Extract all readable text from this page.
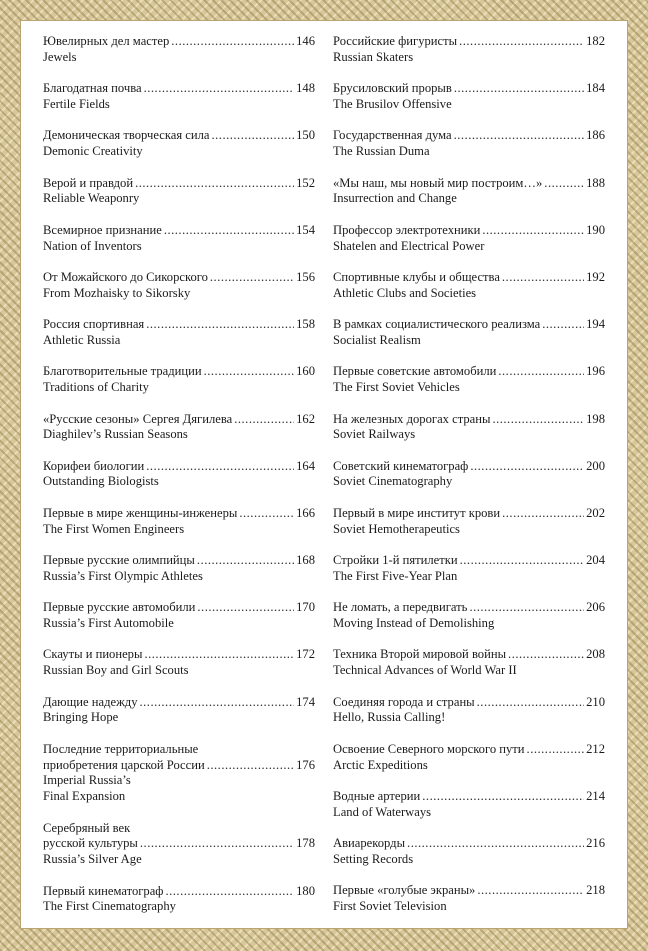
Ювелирных дел мастер .....	146
Jewels
Благодатная почва .....	148
Fertile Fields
Демоническая творческая сила .....	150
Demonic Creativity
Верой и правдой .....	152
Reliable Weaponry
Всемирное признание .....	154
Nation of Inventors
От Можайского до Сикорского .....	156
From Mozhaisky to Sikorsky
Россия спортивная .....	158
Athletic Russia
Благотворительные традиции .....	160
Traditions of Charity
«Русские сезоны» Сергея Дягилева .....	162
Diaghilev’s Russian Seasons
Корифеи биологии .....	164
Outstanding Biologists
Первые в мире женщины-инженеры .....	166
The First Women Engineers
Первые русские олимпийцы .....	168
Russia’s First Olympic Athletes
Первые русские автомобили .....	170
Russia’s First Automobile
Скауты и пионеры .....	172
Russian Boy and Girl Scouts
Дающие надежду .....	174
Bringing Hope
Последние территориальные
приобретения царской России .....	176
Imperial Russia’s
Final Expansion
Серебряный век
русской культуры .....	178
Russia’s Silver Age
Первый кинематограф .....	180
The First Cinematography
Российские фигуристы .....	182
Russian Skaters
Брусиловский прорыв .....	184
The Brusilov Offensive
Государственная дума .....	186
The Russian Duma
«Мы наш, мы новый мир построим…» .....	188
Insurrection and Change
Профессор электротехники .....	190
Shatelen and Electrical Power
Спортивные клубы и общества .....	192
Athletic Clubs and Societies
В рамках социалистического реализма .....	194
Socialist Realism
Первые советские автомобили .....	196
The First Soviet Vehicles
На железных дорогах страны .....	198
Soviet Railways
Советский кинематограф .....	200
Soviet Cinematography
Первый в мире институт крови .....	202
Soviet Hemotherapeutics
Стройки 1-й пятилетки .....	204
The First Five-Year Plan
Не ломать, а передвигать .....	206
Moving Instead of Demolishing
Техника Второй мировой войны .....	208
Technical Advances of World War II
Соединяя города и страны .....	210
Hello, Russia Calling!
Освоение Северного морского пути .....	212
Arctic Expeditions
Водные артерии .....	214
Land of Waterways
Авиарекорды .....	216
Setting Records
Первые «голубые экраны» .....	218
First Soviet Television
